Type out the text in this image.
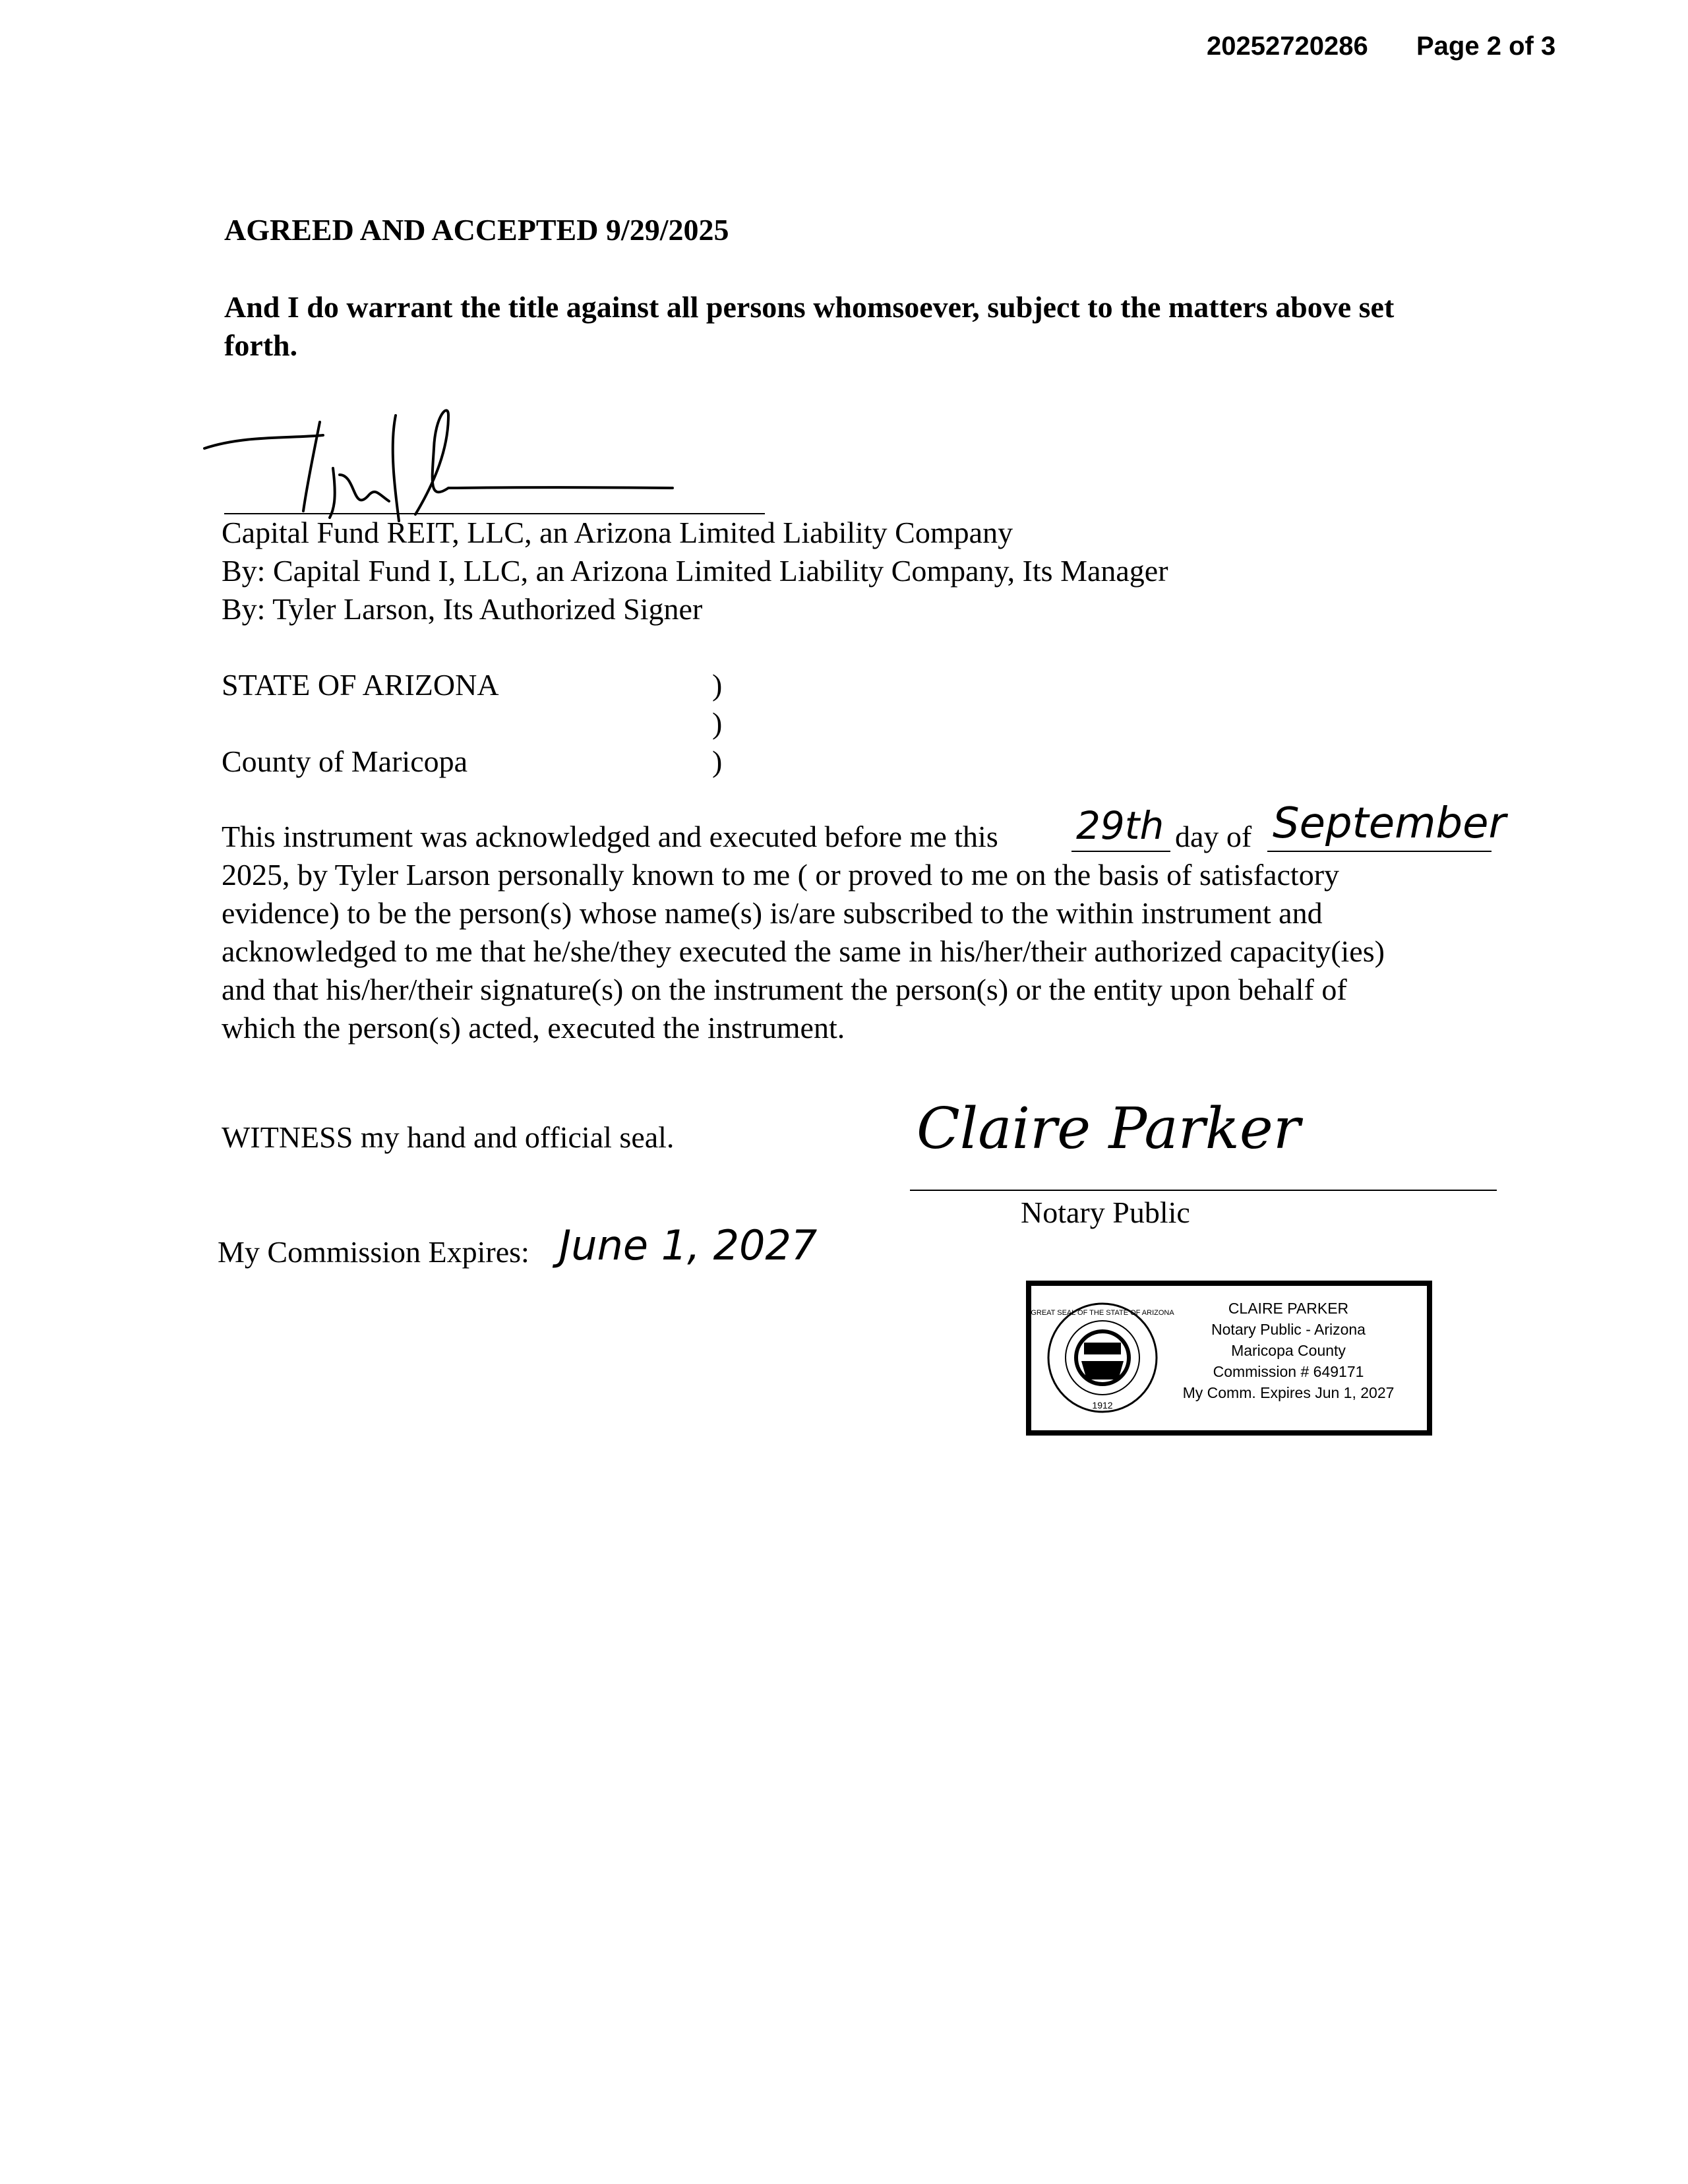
20252720286 Page 2 of 3
AGREED AND ACCEPTED 9/29/2025
And I do warrant the title against all persons whomsoever, subject to the matters above set
forth.
Capital Fund REIT, LLC, an Arizona Limited Liability Company
By: Capital Fund I, LLC, an Arizona Limited Liability Company, Its Manager
By: Tyler Larson, Its Authorized Signer
STATE OF ARIZONA
County of Maricopa
)
)
)
This instrument was acknowledged and executed before me this 29th day of September
2025, by Tyler Larson personally known to me ( or proved to me on the basis of satisfactory
evidence) to be the person(s) whose name(s) is/are subscribed to the within instrument and
acknowledged to me that he/she/they executed the same in his/her/their authorized capacity(ies)
and that his/her/their signature(s) on the instrument the person(s) or the entity upon behalf of
which the person(s) acted, executed the instrument.
WITNESS my hand and official seal.	Claire Parker
Notary Public
My Commission Expires: June 1, 2027
1912
GREAT SEAL OF THE STATE OF ARIZONA	CLAIRE PARKER
Notary Public - Arizona
Maricopa County
Commission # 649171
My Comm. Expires Jun 1, 2027
